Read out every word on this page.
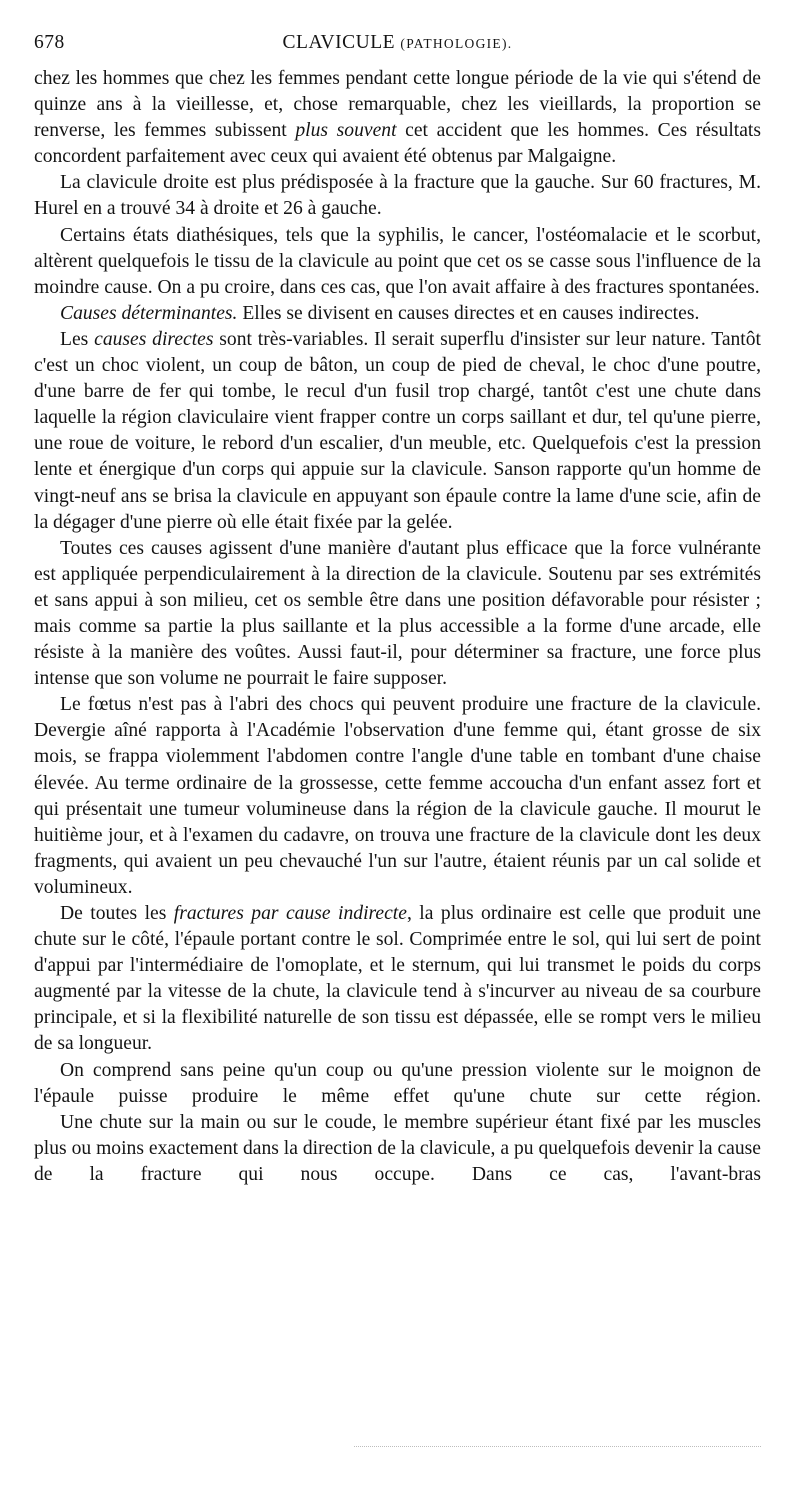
678	CLAVICULE (PATHOLOGIE).

chez les hommes que chez les femmes pendant cette longue période de la vie qui s'étend de quinze ans à la vieillesse, et, chose remarquable, chez les vieillards, la proportion se renverse, les femmes subissent plus souvent cet accident que les hommes. Ces résultats concordent parfaitement avec ceux qui avaient été obtenus par Malgaigne.

La clavicule droite est plus prédisposée à la fracture que la gauche. Sur 60 fractures, M. Hurel en a trouvé 34 à droite et 26 à gauche.

Certains états diathésiques, tels que la syphilis, le cancer, l'ostéomalacie et le scorbut, altèrent quelquefois le tissu de la clavicule au point que cet os se casse sous l'influence de la moindre cause. On a pu croire, dans ces cas, que l'on avait affaire à des fractures spontanées.

Causes déterminantes. Elles se divisent en causes directes et en causes indirectes.

Les causes directes sont très-variables. Il serait superflu d'insister sur leur nature. Tantôt c'est un choc violent, un coup de bâton, un coup de pied de cheval, le choc d'une poutre, d'une barre de fer qui tombe, le recul d'un fusil trop chargé, tantôt c'est une chute dans laquelle la région claviculaire vient frapper contre un corps saillant et dur, tel qu'une pierre, une roue de voiture, le rebord d'un escalier, d'un meuble, etc. Quelquefois c'est la pression lente et énergique d'un corps qui appuie sur la clavicule. Sanson rapporte qu'un homme de vingt-neuf ans se brisa la clavicule en appuyant son épaule contre la lame d'une scie, afin de la dégager d'une pierre où elle était fixée par la gelée.

Toutes ces causes agissent d'une manière d'autant plus efficace que la force vulnérante est appliquée perpendiculairement à la direction de la clavicule. Soutenu par ses extrémités et sans appui à son milieu, cet os semble être dans une position défavorable pour résister ; mais comme sa partie la plus saillante et la plus accessible a la forme d'une arcade, elle résiste à la manière des voûtes. Aussi faut-il, pour déterminer sa fracture, une force plus intense que son volume ne pourrait le faire supposer.

Le fœtus n'est pas à l'abri des chocs qui peuvent produire une fracture de la clavicule. Devergie aîné rapporta à l'Académie l'observation d'une femme qui, étant grosse de six mois, se frappa violemment l'abdomen contre l'angle d'une table en tombant d'une chaise élevée. Au terme ordinaire de la grossesse, cette femme accoucha d'un enfant assez fort et qui présentait une tumeur volumineuse dans la région de la clavicule gauche. Il mourut le huitième jour, et à l'examen du cadavre, on trouva une fracture de la clavicule dont les deux fragments, qui avaient un peu chevauché l'un sur l'autre, étaient réunis par un cal solide et volumineux.

De toutes les fractures par cause indirecte, la plus ordinaire est celle que produit une chute sur le côté, l'épaule portant contre le sol. Comprimée entre le sol, qui lui sert de point d'appui par l'intermédiaire de l'omoplate, et le sternum, qui lui transmet le poids du corps augmenté par la vitesse de la chute, la clavicule tend à s'incurver au niveau de sa courbure principale, et si la flexibilité naturelle de son tissu est dépassée, elle se rompt vers le milieu de sa longueur.

On comprend sans peine qu'un coup ou qu'une pression violente sur le moignon de l'épaule puisse produire le même effet qu'une chute sur cette région.

Une chute sur la main ou sur le coude, le membre supérieur étant fixé par les muscles plus ou moins exactement dans la direction de la clavicule, a pu quelquefois devenir la cause de la fracture qui nous occupe. Dans ce cas, l'avant-bras
